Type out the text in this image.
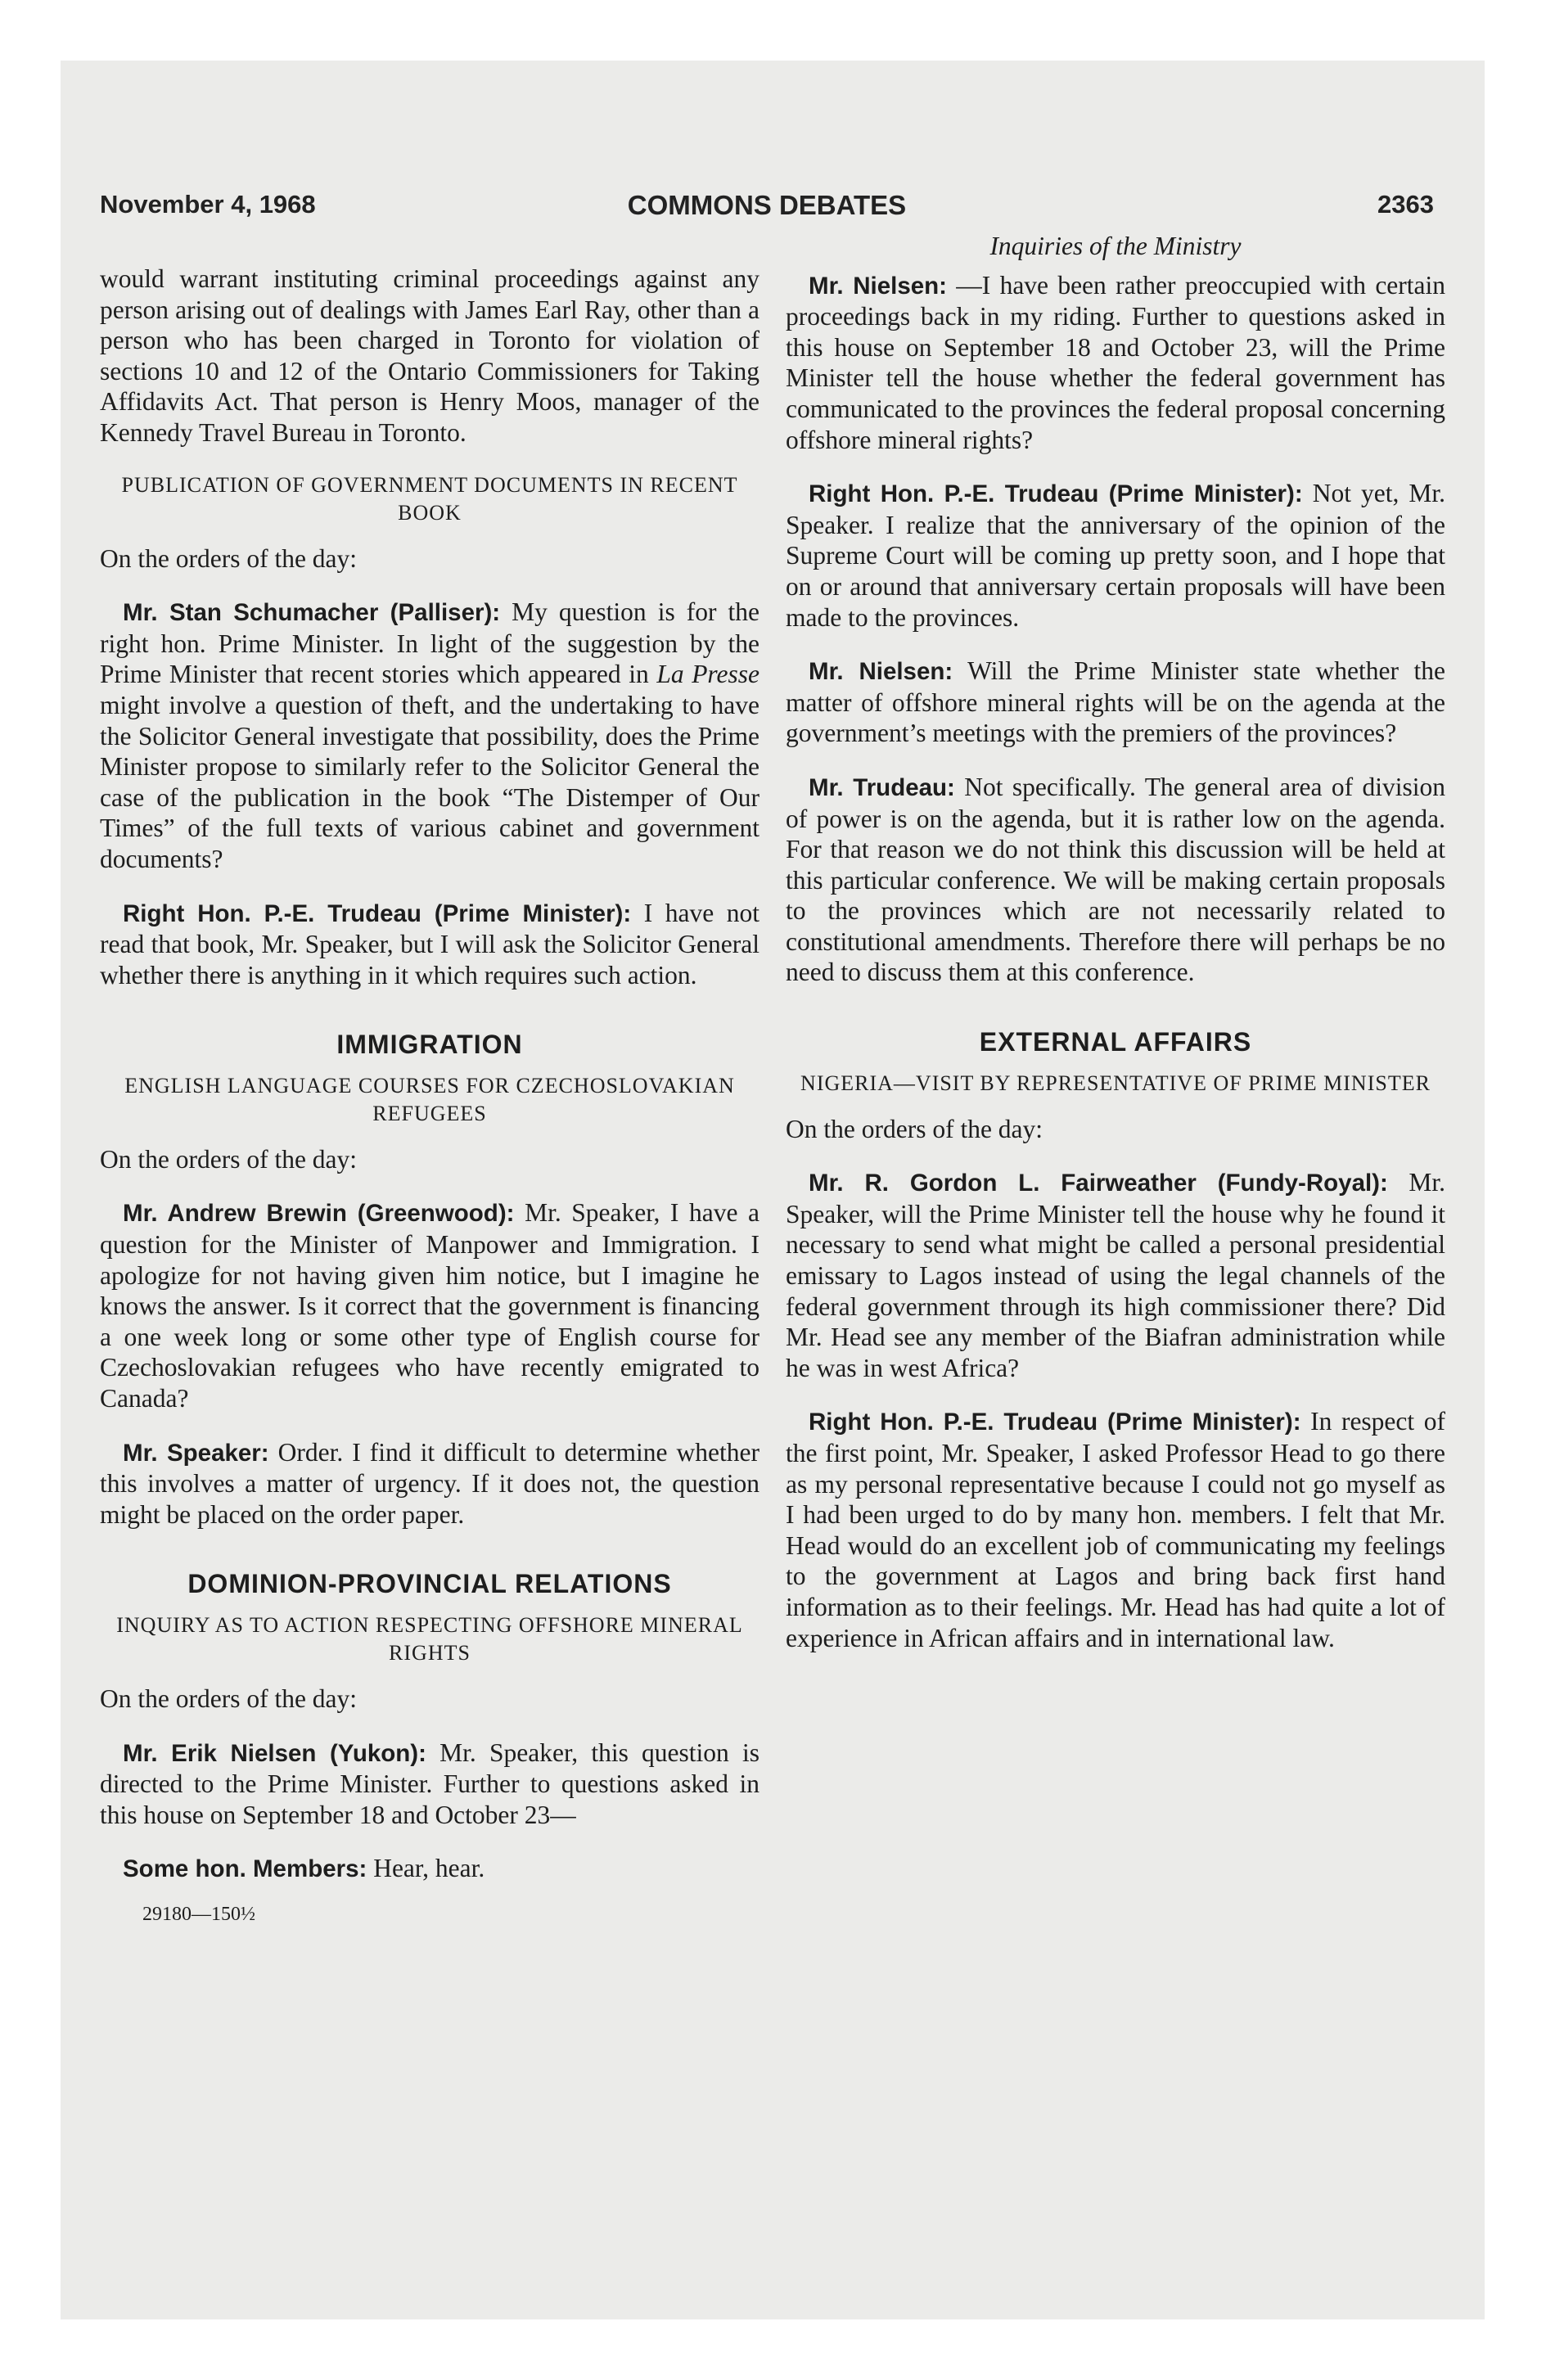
November 4, 1968	COMMONS DEBATES	2363

would warrant instituting criminal proceedings against any person arising out of dealings with James Earl Ray, other than a person who has been charged in Toronto for violation of sections 10 and 12 of the Ontario Commissioners for Taking Affidavits Act. That person is Henry Moos, manager of the Kennedy Travel Bureau in Toronto.

PUBLICATION OF GOVERNMENT DOCUMENTS IN RECENT BOOK

On the orders of the day:

Mr. Stan Schumacher (Palliser): My question is for the right hon. Prime Minister. In light of the suggestion by the Prime Minister that recent stories which appeared in La Presse might involve a question of theft, and the undertaking to have the Solicitor General investigate that possibility, does the Prime Minister propose to similarly refer to the Solicitor General the case of the publication in the book “The Distemper of Our Times” of the full texts of various cabinet and government documents?

Right Hon. P.-E. Trudeau (Prime Minister): I have not read that book, Mr. Speaker, but I will ask the Solicitor General whether there is anything in it which requires such action.

IMMIGRATION
ENGLISH LANGUAGE COURSES FOR CZECHOSLOVAKIAN REFUGEES

On the orders of the day:

Mr. Andrew Brewin (Greenwood): Mr. Speaker, I have a question for the Minister of Manpower and Immigration. I apologize for not having given him notice, but I imagine he knows the answer. Is it correct that the government is financing a one week long or some other type of English course for Czechoslovakian refugees who have recently emigrated to Canada?

Mr. Speaker: Order. I find it difficult to determine whether this involves a matter of urgency. If it does not, the question might be placed on the order paper.

DOMINION-PROVINCIAL RELATIONS
INQUIRY AS TO ACTION RESPECTING OFFSHORE MINERAL RIGHTS

On the orders of the day:

Mr. Erik Nielsen (Yukon): Mr. Speaker, this question is directed to the Prime Minister. Further to questions asked in this house on September 18 and October 23—

Some hon. Members: Hear, hear.

29180—150½
Inquiries of the Ministry

Mr. Nielsen: —I have been rather preoccupied with certain proceedings back in my riding. Further to questions asked in this house on September 18 and October 23, will the Prime Minister tell the house whether the federal government has communicated to the provinces the federal proposal concerning offshore mineral rights?

Right Hon. P.-E. Trudeau (Prime Minister): Not yet, Mr. Speaker. I realize that the anniversary of the opinion of the Supreme Court will be coming up pretty soon, and I hope that on or around that anniversary certain proposals will have been made to the provinces.

Mr. Nielsen: Will the Prime Minister state whether the matter of offshore mineral rights will be on the agenda at the government’s meetings with the premiers of the provinces?

Mr. Trudeau: Not specifically. The general area of division of power is on the agenda, but it is rather low on the agenda. For that reason we do not think this discussion will be held at this particular conference. We will be making certain proposals to the provinces which are not necessarily related to constitutional amendments. Therefore there will perhaps be no need to discuss them at this conference.

EXTERNAL AFFAIRS
NIGERIA—VISIT BY REPRESENTATIVE OF PRIME MINISTER

On the orders of the day:

Mr. R. Gordon L. Fairweather (Fundy-Royal): Mr. Speaker, will the Prime Minister tell the house why he found it necessary to send what might be called a personal presidential emissary to Lagos instead of using the legal channels of the federal government through its high commissioner there? Did Mr. Head see any member of the Biafran administration while he was in west Africa?

Right Hon. P.-E. Trudeau (Prime Minister): In respect of the first point, Mr. Speaker, I asked Professor Head to go there as my personal representative because I could not go myself as I had been urged to do by many hon. members. I felt that Mr. Head would do an excellent job of communicating my feelings to the government at Lagos and bring back first hand information as to their feelings. Mr. Head has had quite a lot of experience in African affairs and in international law.
